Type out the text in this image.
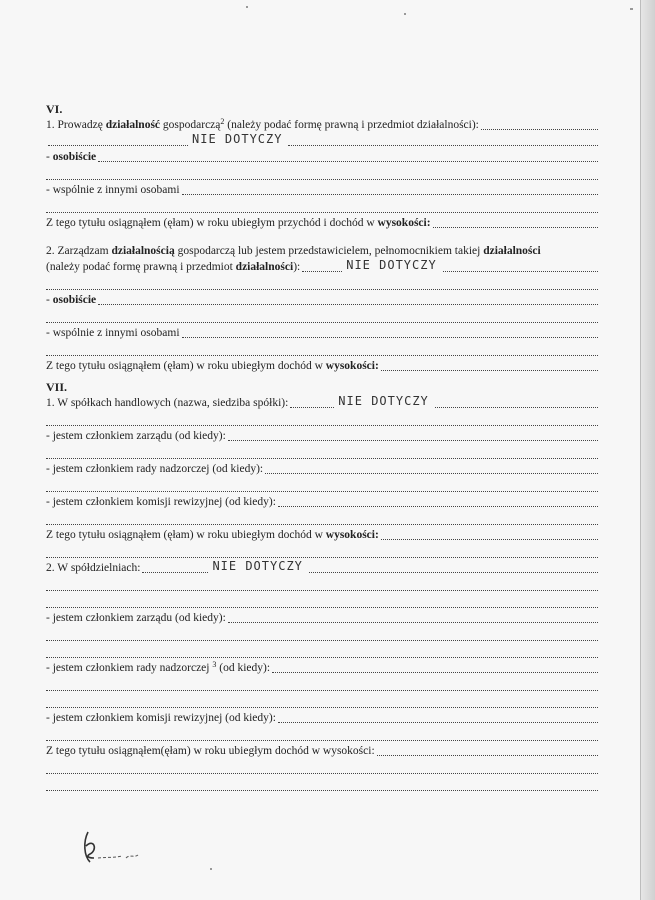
VI.
1. Prowadzę działalność gospodarczą$^2$ (należy podać formę prawną i przedmiot działalności):
NIE DOTYCZY
- osobiście
- wspólnie z innymi osobami
Z tego tytułu osiągnąłem (ęłam) w roku ubiegłym przychód i dochód w wysokości:
2. Zarządzam działalnością gospodarczą lub jestem przedstawicielem, pełnomocnikiem takiej działalności
(należy podać formę prawną i przedmiot działalności):	NIE DOTYCZY
- osobiście
- wspólnie z innymi osobami
Z tego tytułu osiągnąłem (ęłam) w roku ubiegłym dochód w wysokości:
VII.
1. W spółkach handlowych (nazwa, siedziba spółki):	NIE DOTYCZY
- jestem członkiem zarządu (od kiedy):
- jestem członkiem rady nadzorczej (od kiedy):
- jestem członkiem komisji rewizyjnej (od kiedy):
Z tego tytułu osiągnąłem (ęłam) w roku ubiegłym dochód w wysokości:
2. W spółdzielniach:	NIE DOTYCZY
- jestem członkiem zarządu (od kiedy):
- jestem członkiem rady nadzorczej $^3$ (od kiedy):
- jestem członkiem komisji rewizyjnej (od kiedy):
Z tego tytułu osiągnąłem(ęłam) w roku ubiegłym dochód w wysokości:
